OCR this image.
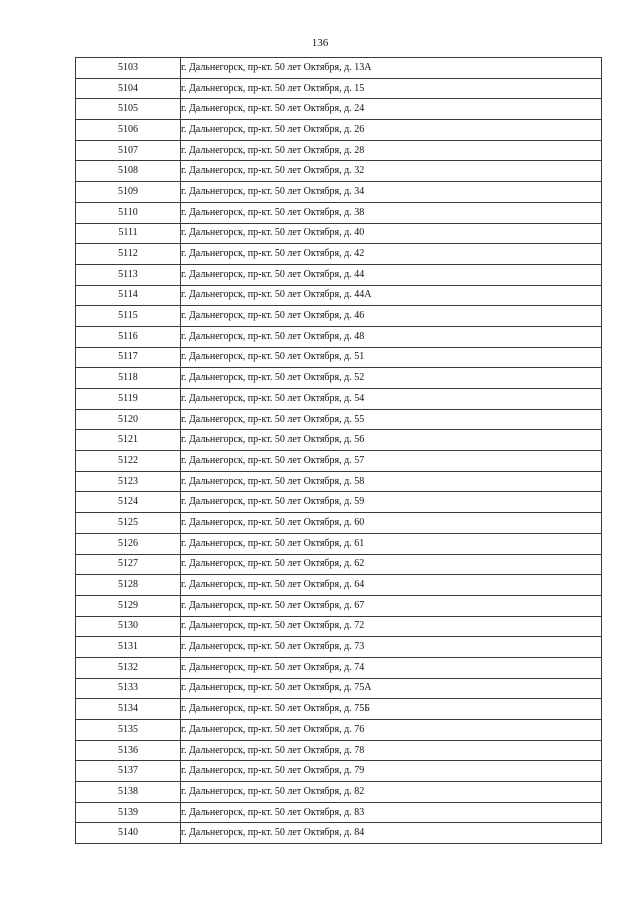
136
5103	г. Дальнегорск, пр-кт. 50 лет Октября, д. 13А
5104	г. Дальнегорск, пр-кт. 50 лет Октября, д. 15
5105	г. Дальнегорск, пр-кт. 50 лет Октября, д. 24
5106	г. Дальнегорск, пр-кт. 50 лет Октября, д. 26
5107	г. Дальнегорск, пр-кт. 50 лет Октября, д. 28
5108	г. Дальнегорск, пр-кт. 50 лет Октября, д. 32
5109	г. Дальнегорск, пр-кт. 50 лет Октября, д. 34
5110	г. Дальнегорск, пр-кт. 50 лет Октября, д. 38
5111	г. Дальнегорск, пр-кт. 50 лет Октября, д. 40
5112	г. Дальнегорск, пр-кт. 50 лет Октября, д. 42
5113	г. Дальнегорск, пр-кт. 50 лет Октября, д. 44
5114	г. Дальнегорск, пр-кт. 50 лет Октября, д. 44А
5115	г. Дальнегорск, пр-кт. 50 лет Октября, д. 46
5116	г. Дальнегорск, пр-кт. 50 лет Октября, д. 48
5117	г. Дальнегорск, пр-кт. 50 лет Октября, д. 51
5118	г. Дальнегорск, пр-кт. 50 лет Октября, д. 52
5119	г. Дальнегорск, пр-кт. 50 лет Октября, д. 54
5120	г. Дальнегорск, пр-кт. 50 лет Октября, д. 55
5121	г. Дальнегорск, пр-кт. 50 лет Октября, д. 56
5122	г. Дальнегорск, пр-кт. 50 лет Октября, д. 57
5123	г. Дальнегорск, пр-кт. 50 лет Октября, д. 58
5124	г. Дальнегорск, пр-кт. 50 лет Октября, д. 59
5125	г. Дальнегорск, пр-кт. 50 лет Октября, д. 60
5126	г. Дальнегорск, пр-кт. 50 лет Октября, д. 61
5127	г. Дальнегорск, пр-кт. 50 лет Октября, д. 62
5128	г. Дальнегорск, пр-кт. 50 лет Октября, д. 64
5129	г. Дальнегорск, пр-кт. 50 лет Октября, д. 67
5130	г. Дальнегорск, пр-кт. 50 лет Октября, д. 72
5131	г. Дальнегорск, пр-кт. 50 лет Октября, д. 73
5132	г. Дальнегорск, пр-кт. 50 лет Октября, д. 74
5133	г. Дальнегорск, пр-кт. 50 лет Октября, д. 75А
5134	г. Дальнегорск, пр-кт. 50 лет Октября, д. 75Б
5135	г. Дальнегорск, пр-кт. 50 лет Октября, д. 76
5136	г. Дальнегорск, пр-кт. 50 лет Октября, д. 78
5137	г. Дальнегорск, пр-кт. 50 лет Октября, д. 79
5138	г. Дальнегорск, пр-кт. 50 лет Октября, д. 82
5139	г. Дальнегорск, пр-кт. 50 лет Октября, д. 83
5140	г. Дальнегорск, пр-кт. 50 лет Октября, д. 84
